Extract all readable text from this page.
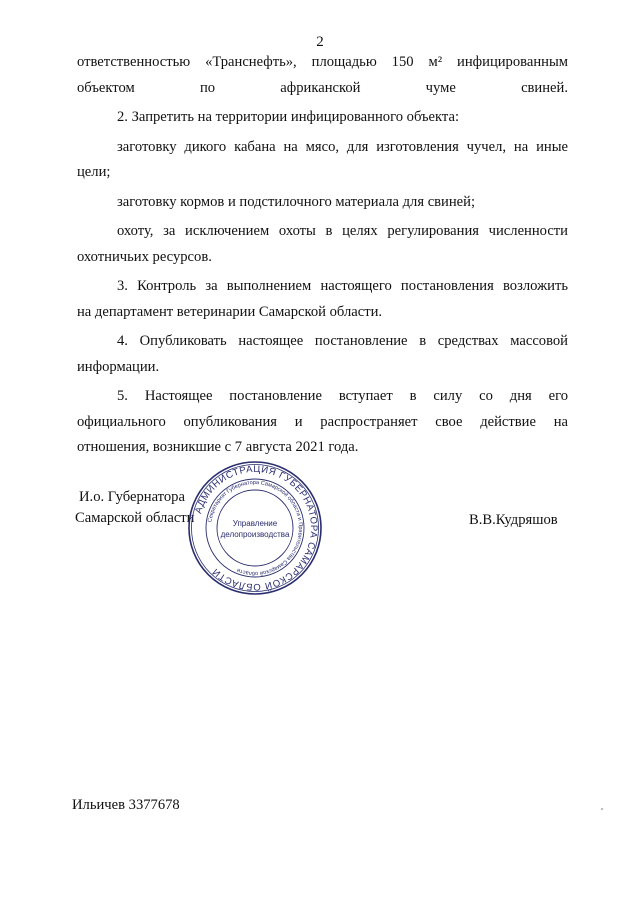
2

ответственностью «Транснефть», площадью 150 м² инфицированным
объектом по африканской чуме свиней.

2. Запретить на территории инфицированного объекта:

заготовку дикого кабана на мясо, для изготовления чучел, на иные
цели;

заготовку кормов и подстилочного материала для свиней;

охоту, за исключением охоты в целях регулирования численности
охотничьих ресурсов.

3. Контроль за выполнением настоящего постановления возложить
на департамент ветеринарии Самарской области.

4. Опубликовать настоящее постановление в средствах массовой
информации.

5. Настоящее постановление вступает в силу со дня его
официального опубликования и распространяет свое действие на
отношения, возникшие с 7 августа 2021 года.

И.о. Губернатора
Самарской области	В.В.Кудряшов
АДМИНИСТРАЦИЯ ГУБЕРНАТОРА САМАРСКОЙ ОБЛАСТИ
Секретариат Губернатора Самарской области и Правительства Самарской области
Управление
делопроизводства
Ильичев 3377678
